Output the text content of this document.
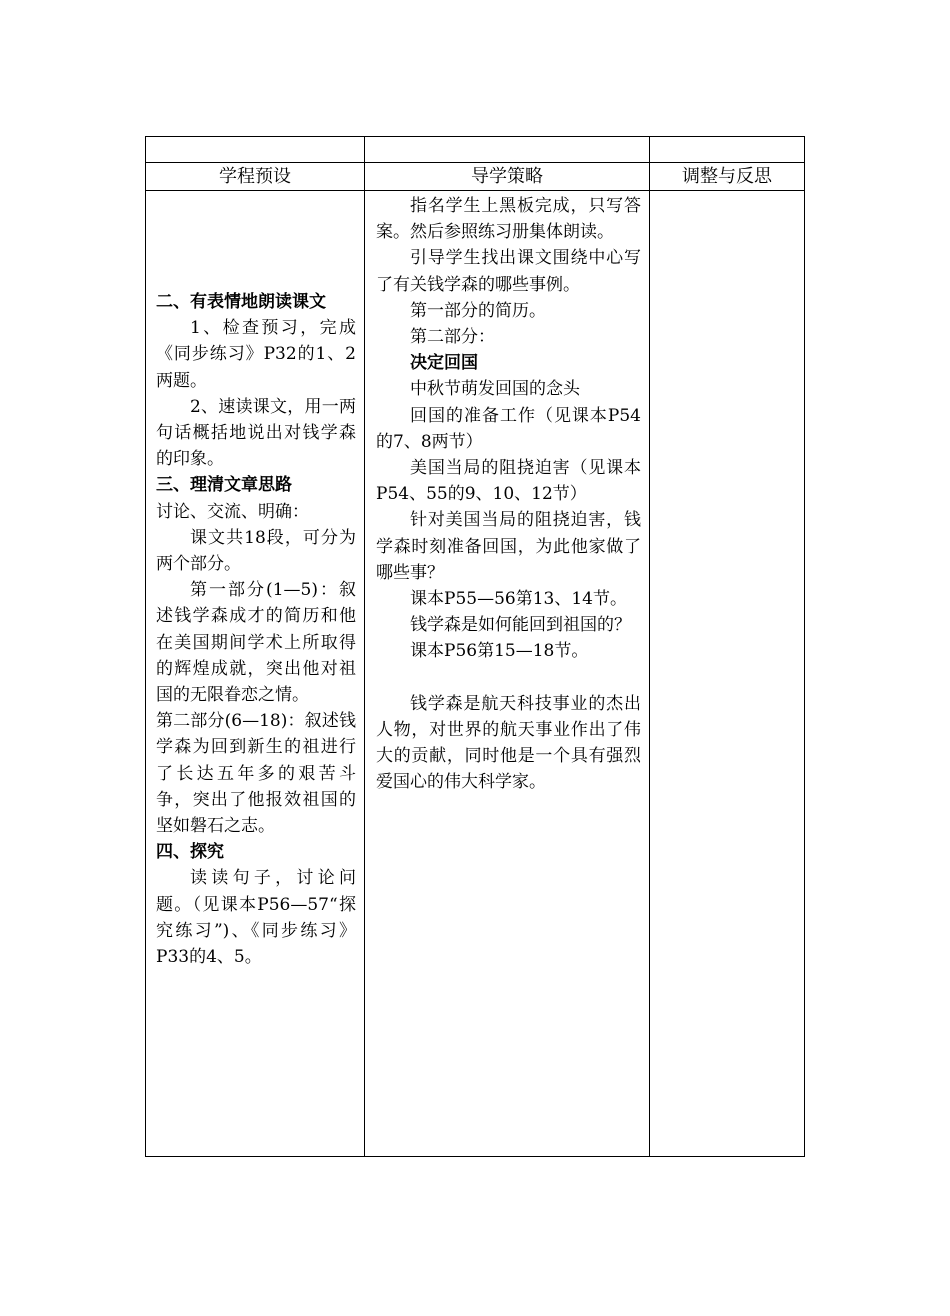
学程预设	导学策略	调整与反思

二、有表情地朗读课文

1、检查预习，完成《同步练习》P32的1、2两题。

2、速读课文，用一两句话概括地说出对钱学森的印象。

三、理清文章思路

讨论、交流、明确：

课文共18段，可分为两个部分。

第一部分(1—5)：叙述钱学森成才的简历和他在美国期间学术上所取得的辉煌成就，突出他对祖国的无限眷恋之情。

第二部分(6—18)：叙述钱学森为回到新生的祖进行了长达五年多的艰苦斗争，突出了他报效祖国的坚如磐石之志。

四、探究

读读句子，讨论问题。（见课本P56—57“探究练习”)、《同步练习》P33的4、5。

指名学生上黑板完成，只写答案。然后参照练习册集体朗读。

引导学生找出课文围绕中心写了有关钱学森的哪些事例。

第一部分的简历。

第二部分：

决定回国

中秋节萌发回国的念头

回国的准备工作（见课本P54的7、8两节）

美国当局的阻挠迫害（见课本P54、55的9、10、12节）

针对美国当局的阻挠迫害，钱学森时刻准备回国，为此他家做了哪些事？

课本P55—56第13、14节。

钱学森是如何能回到祖国的？

课本P56第15—18节。

钱学森是航天科技事业的杰出人物，对世界的航天事业作出了伟大的贡献，同时他是一个具有强烈爱国心的伟大科学家。
